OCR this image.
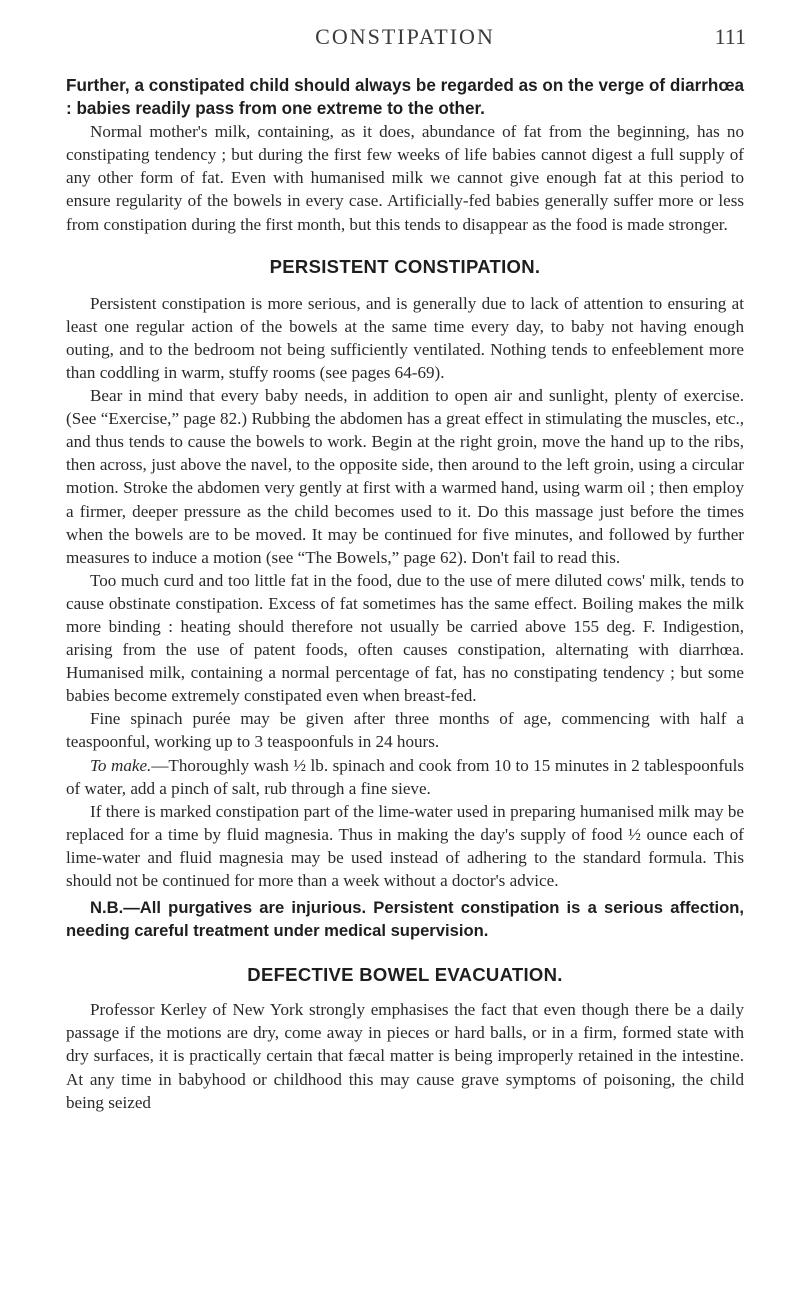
CONSTIPATION	111

Further, a constipated child should always be regarded as on the verge of diarrhœa : babies readily pass from one extreme to the other.

Normal mother's milk, containing, as it does, abundance of fat from the beginning, has no constipating tendency ; but during the first few weeks of life babies cannot digest a full supply of any other form of fat. Even with humanised milk we cannot give enough fat at this period to ensure regularity of the bowels in every case. Artificially-fed babies generally suffer more or less from constipation during the first month, but this tends to disappear as the food is made stronger.

PERSISTENT CONSTIPATION.

Persistent constipation is more serious, and is generally due to lack of attention to ensuring at least one regular action of the bowels at the same time every day, to baby not having enough outing, and to the bedroom not being sufficiently ventilated. Nothing tends to enfeeblement more than coddling in warm, stuffy rooms (see pages 64-69).

Bear in mind that every baby needs, in addition to open air and sunlight, plenty of exercise. (See “Exercise,” page 82.) Rubbing the abdomen has a great effect in stimulating the muscles, etc., and thus tends to cause the bowels to work. Begin at the right groin, move the hand up to the ribs, then across, just above the navel, to the opposite side, then around to the left groin, using a circular motion. Stroke the abdomen very gently at first with a warmed hand, using warm oil ; then employ a firmer, deeper pressure as the child becomes used to it. Do this massage just before the times when the bowels are to be moved. It may be continued for five minutes, and followed by further measures to induce a motion (see “The Bowels,” page 62). Don't fail to read this.

Too much curd and too little fat in the food, due to the use of mere diluted cows' milk, tends to cause obstinate constipation. Excess of fat sometimes has the same effect. Boiling makes the milk more binding : heating should therefore not usually be carried above 155 deg. F. Indigestion, arising from the use of patent foods, often causes constipation, alternating with diarrhœa. Humanised milk, containing a normal percentage of fat, has no constipating tendency ; but some babies become extremely constipated even when breast-fed.

Fine spinach purée may be given after three months of age, commencing with half a teaspoonful, working up to 3 teaspoonfuls in 24 hours.

To make.—Thoroughly wash ½ lb. spinach and cook from 10 to 15 minutes in 2 tablespoonfuls of water, add a pinch of salt, rub through a fine sieve.

If there is marked constipation part of the lime-water used in preparing humanised milk may be replaced for a time by fluid magnesia. Thus in making the day's supply of food ½ ounce each of lime-water and fluid magnesia may be used instead of adhering to the standard formula. This should not be continued for more than a week without a doctor's advice.

N.B.—All purgatives are injurious. Persistent constipation is a serious affection, needing careful treatment under medical supervision.

DEFECTIVE BOWEL EVACUATION.

Professor Kerley of New York strongly emphasises the fact that even though there be a daily passage if the motions are dry, come away in pieces or hard balls, or in a firm, formed state with dry surfaces, it is practically certain that fæcal matter is being improperly retained in the intestine. At any time in babyhood or childhood this may cause grave symptoms of poisoning, the child being seized
